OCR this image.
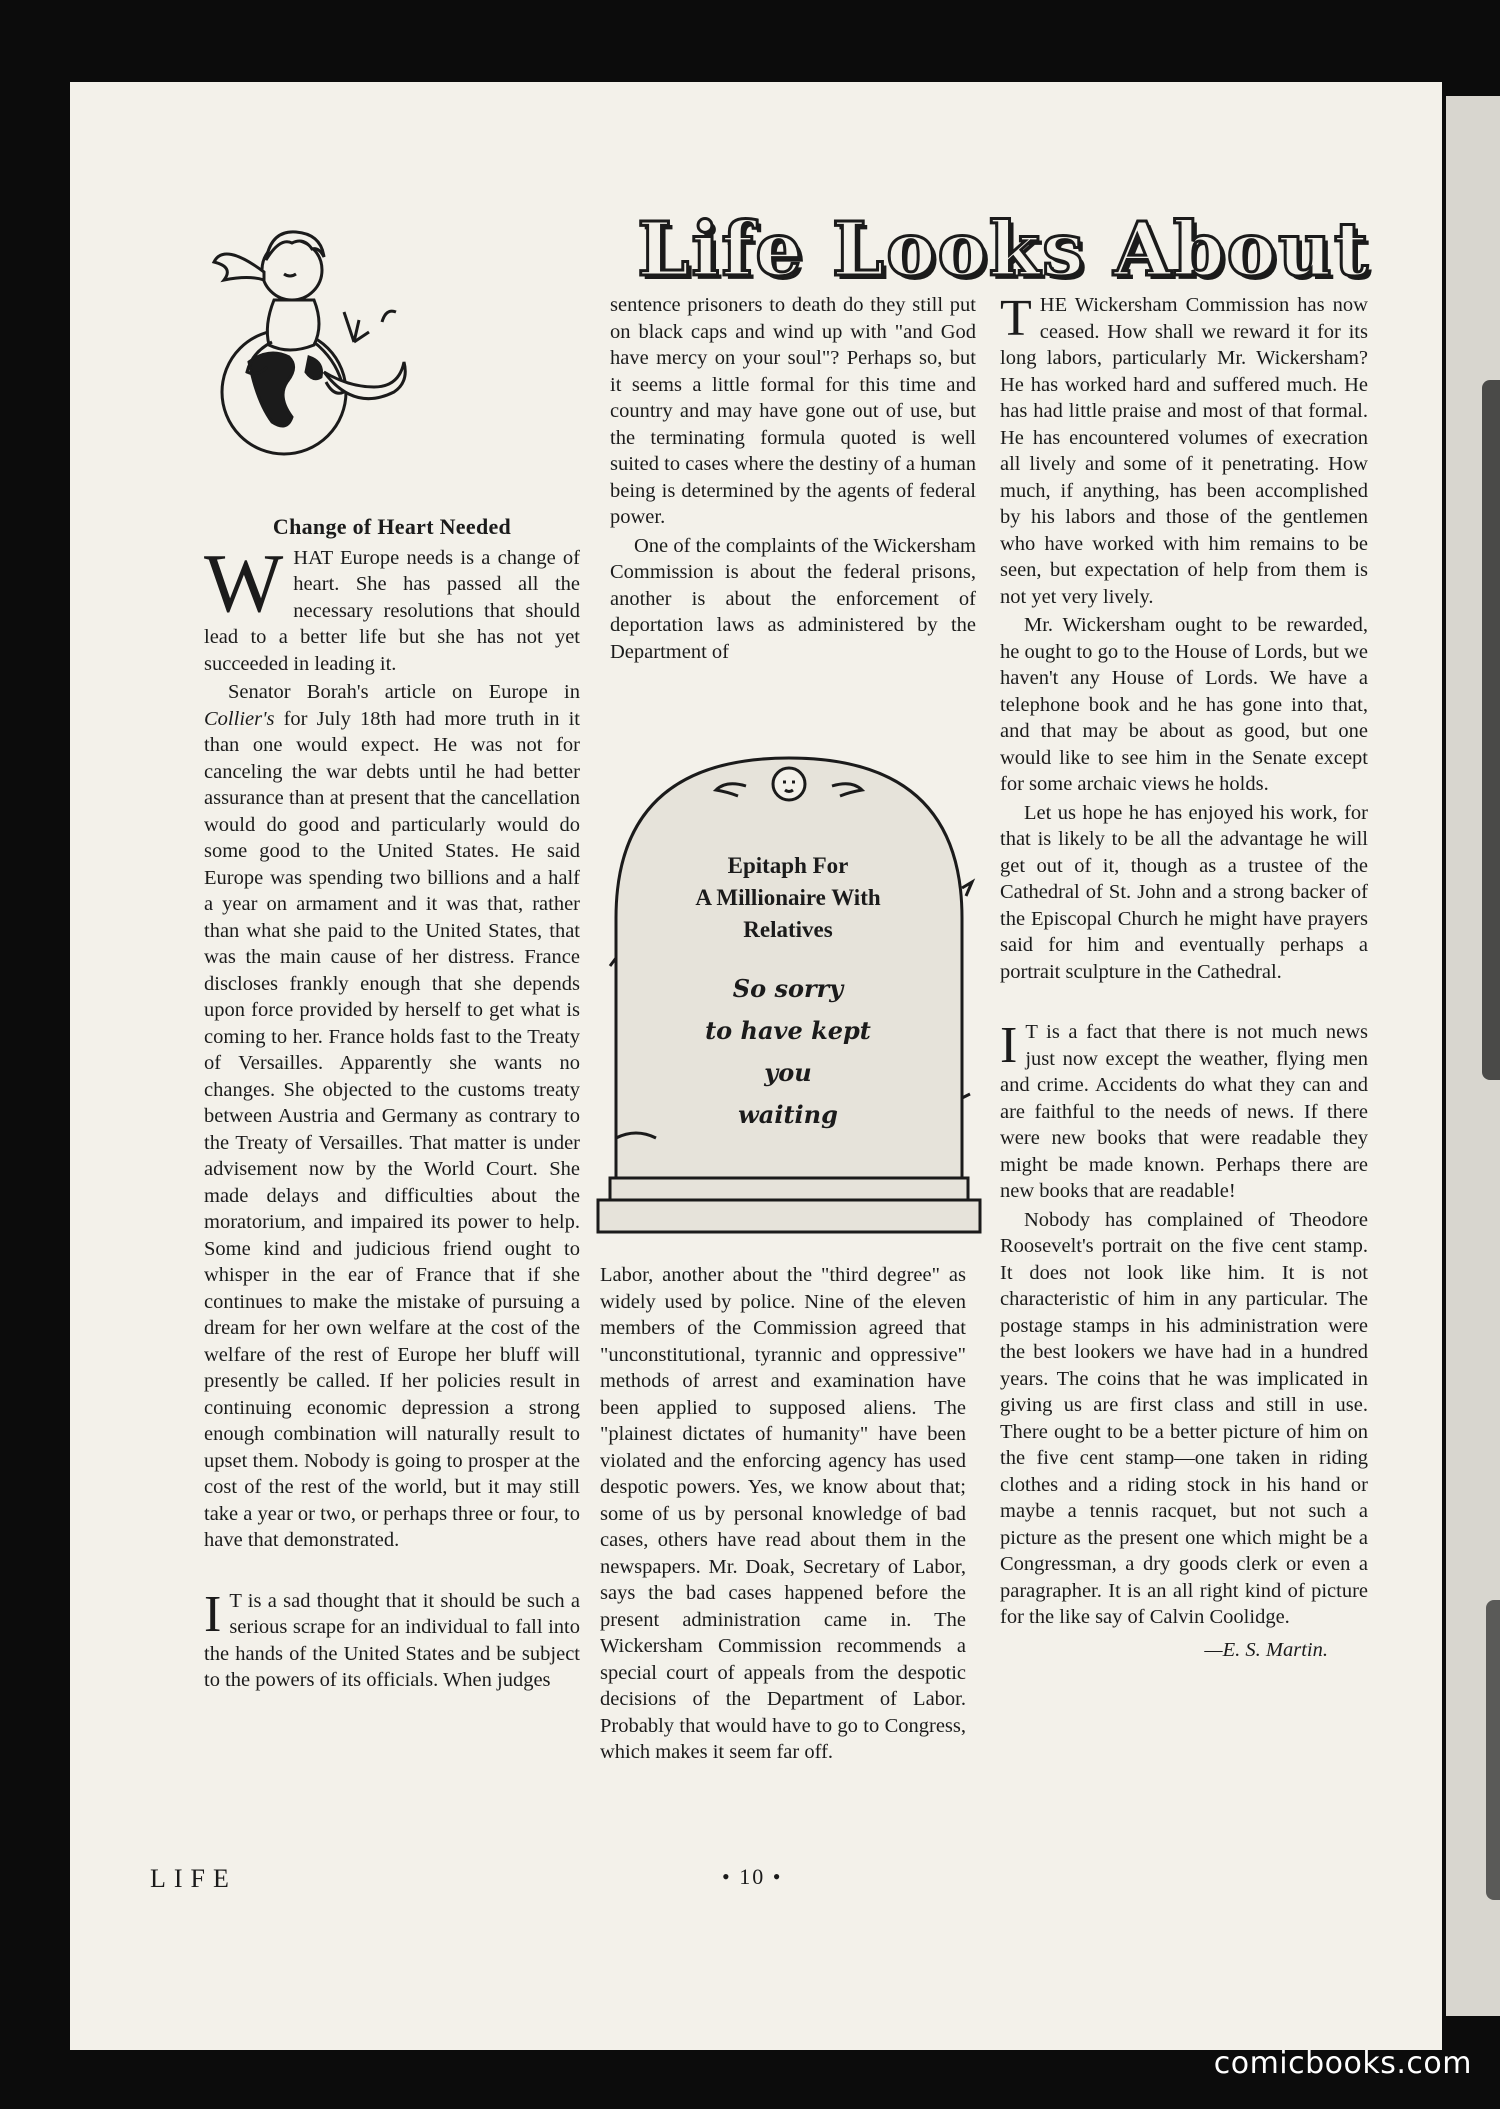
Life Looks About
Change of Heart Needed

WHAT Europe needs is a change of heart. She has passed all the necessary resolutions that should lead to a better life but she has not yet succeeded in leading it.

Senator Borah's article on Europe in Collier's for July 18th had more truth in it than one would expect. He was not for canceling the war debts until he had better assurance than at present that the cancellation would do good and particularly would do some good to the United States. He said Europe was spending two billions and a half a year on armament and it was that, rather than what she paid to the United States, that was the main cause of her distress. France discloses frankly enough that she depends upon force provided by herself to get what is coming to her. France holds fast to the Treaty of Versailles. Apparently she wants no changes. She objected to the customs treaty between Austria and Germany as contrary to the Treaty of Versailles. That matter is under advisement now by the World Court. She made delays and difficulties about the moratorium, and impaired its power to help. Some kind and judicious friend ought to whisper in the ear of France that if she continues to make the mistake of pursuing a dream for her own welfare at the cost of the welfare of the rest of Europe her bluff will presently be called. If her policies result in continuing economic depression a strong enough combination will naturally result to upset them. Nobody is going to prosper at the cost of the rest of the world, but it may still take a year or two, or perhaps three or four, to have that demonstrated.

I T is a sad thought that it should be such a serious scrape for an individual to fall into the hands of the United States and be subject to the powers of its officials. When judges

sentence prisoners to death do they still put on black caps and wind up with "and God have mercy on your soul"? Perhaps so, but it seems a little formal for this time and country and may have gone out of use, but the terminating formula quoted is well suited to cases where the destiny of a human being is determined by the agents of federal power.

One of the complaints of the Wickersham Commission is about the federal prisons, another is about the enforcement of deportation laws as administered by the Department of

Epitaph For
A Millionaire With
Relatives
So sorry
to have kept
you
waiting

Labor, another about the "third degree" as widely used by police. Nine of the eleven members of the Commission agreed that "unconstitutional, tyrannic and oppressive" methods of arrest and examination have been applied to supposed aliens. The "plainest dictates of humanity" have been violated and the enforcing agency has used despotic powers. Yes, we know about that; some of us by personal knowledge of bad cases, others have read about them in the newspapers. Mr. Doak, Secretary of Labor, says the bad cases happened before the present administration came in. The Wickersham Commission recommends a special court of appeals from the despotic decisions of the Department of Labor. Probably that would have to go to Congress, which makes it seem far off.

THE Wickersham Commission has now ceased. How shall we reward it for its long labors, particularly Mr. Wickersham? He has worked hard and suffered much. He has had little praise and most of that formal. He has encountered volumes of execration all lively and some of it penetrating. How much, if anything, has been accomplished by his labors and those of the gentlemen who have worked with him remains to be seen, but expectation of help from them is not yet very lively.

Mr. Wickersham ought to be rewarded, he ought to go to the House of Lords, but we haven't any House of Lords. We have a telephone book and he has gone into that, and that may be about as good, but one would like to see him in the Senate except for some archaic views he holds.

Let us hope he has enjoyed his work, for that is likely to be all the advantage he will get out of it, though as a trustee of the Cathedral of St. John and a strong backer of the Episcopal Church he might have prayers said for him and eventually perhaps a portrait sculpture in the Cathedral.

I T is a fact that there is not much news just now except the weather, flying men and crime. Accidents do what they can and are faithful to the needs of news. If there were new books that were readable they might be made known. Perhaps there are new books that are readable!

Nobody has complained of Theodore Roosevelt's portrait on the five cent stamp. It does not look like him. It is not characteristic of him in any particular. The postage stamps in his administration were the best lookers we have had in a hundred years. The coins that he was implicated in giving us are first class and still in use. There ought to be a better picture of him on the five cent stamp—one taken in riding clothes and a riding stock in his hand or maybe a tennis racquet, but not such a picture as the present one which might be a Congressman, a dry goods clerk or even a paragrapher. It is an all right kind of picture for the like say of Calvin Coolidge.

—E. S. Martin.
LIFE	• 10 •
comicbooks.com
